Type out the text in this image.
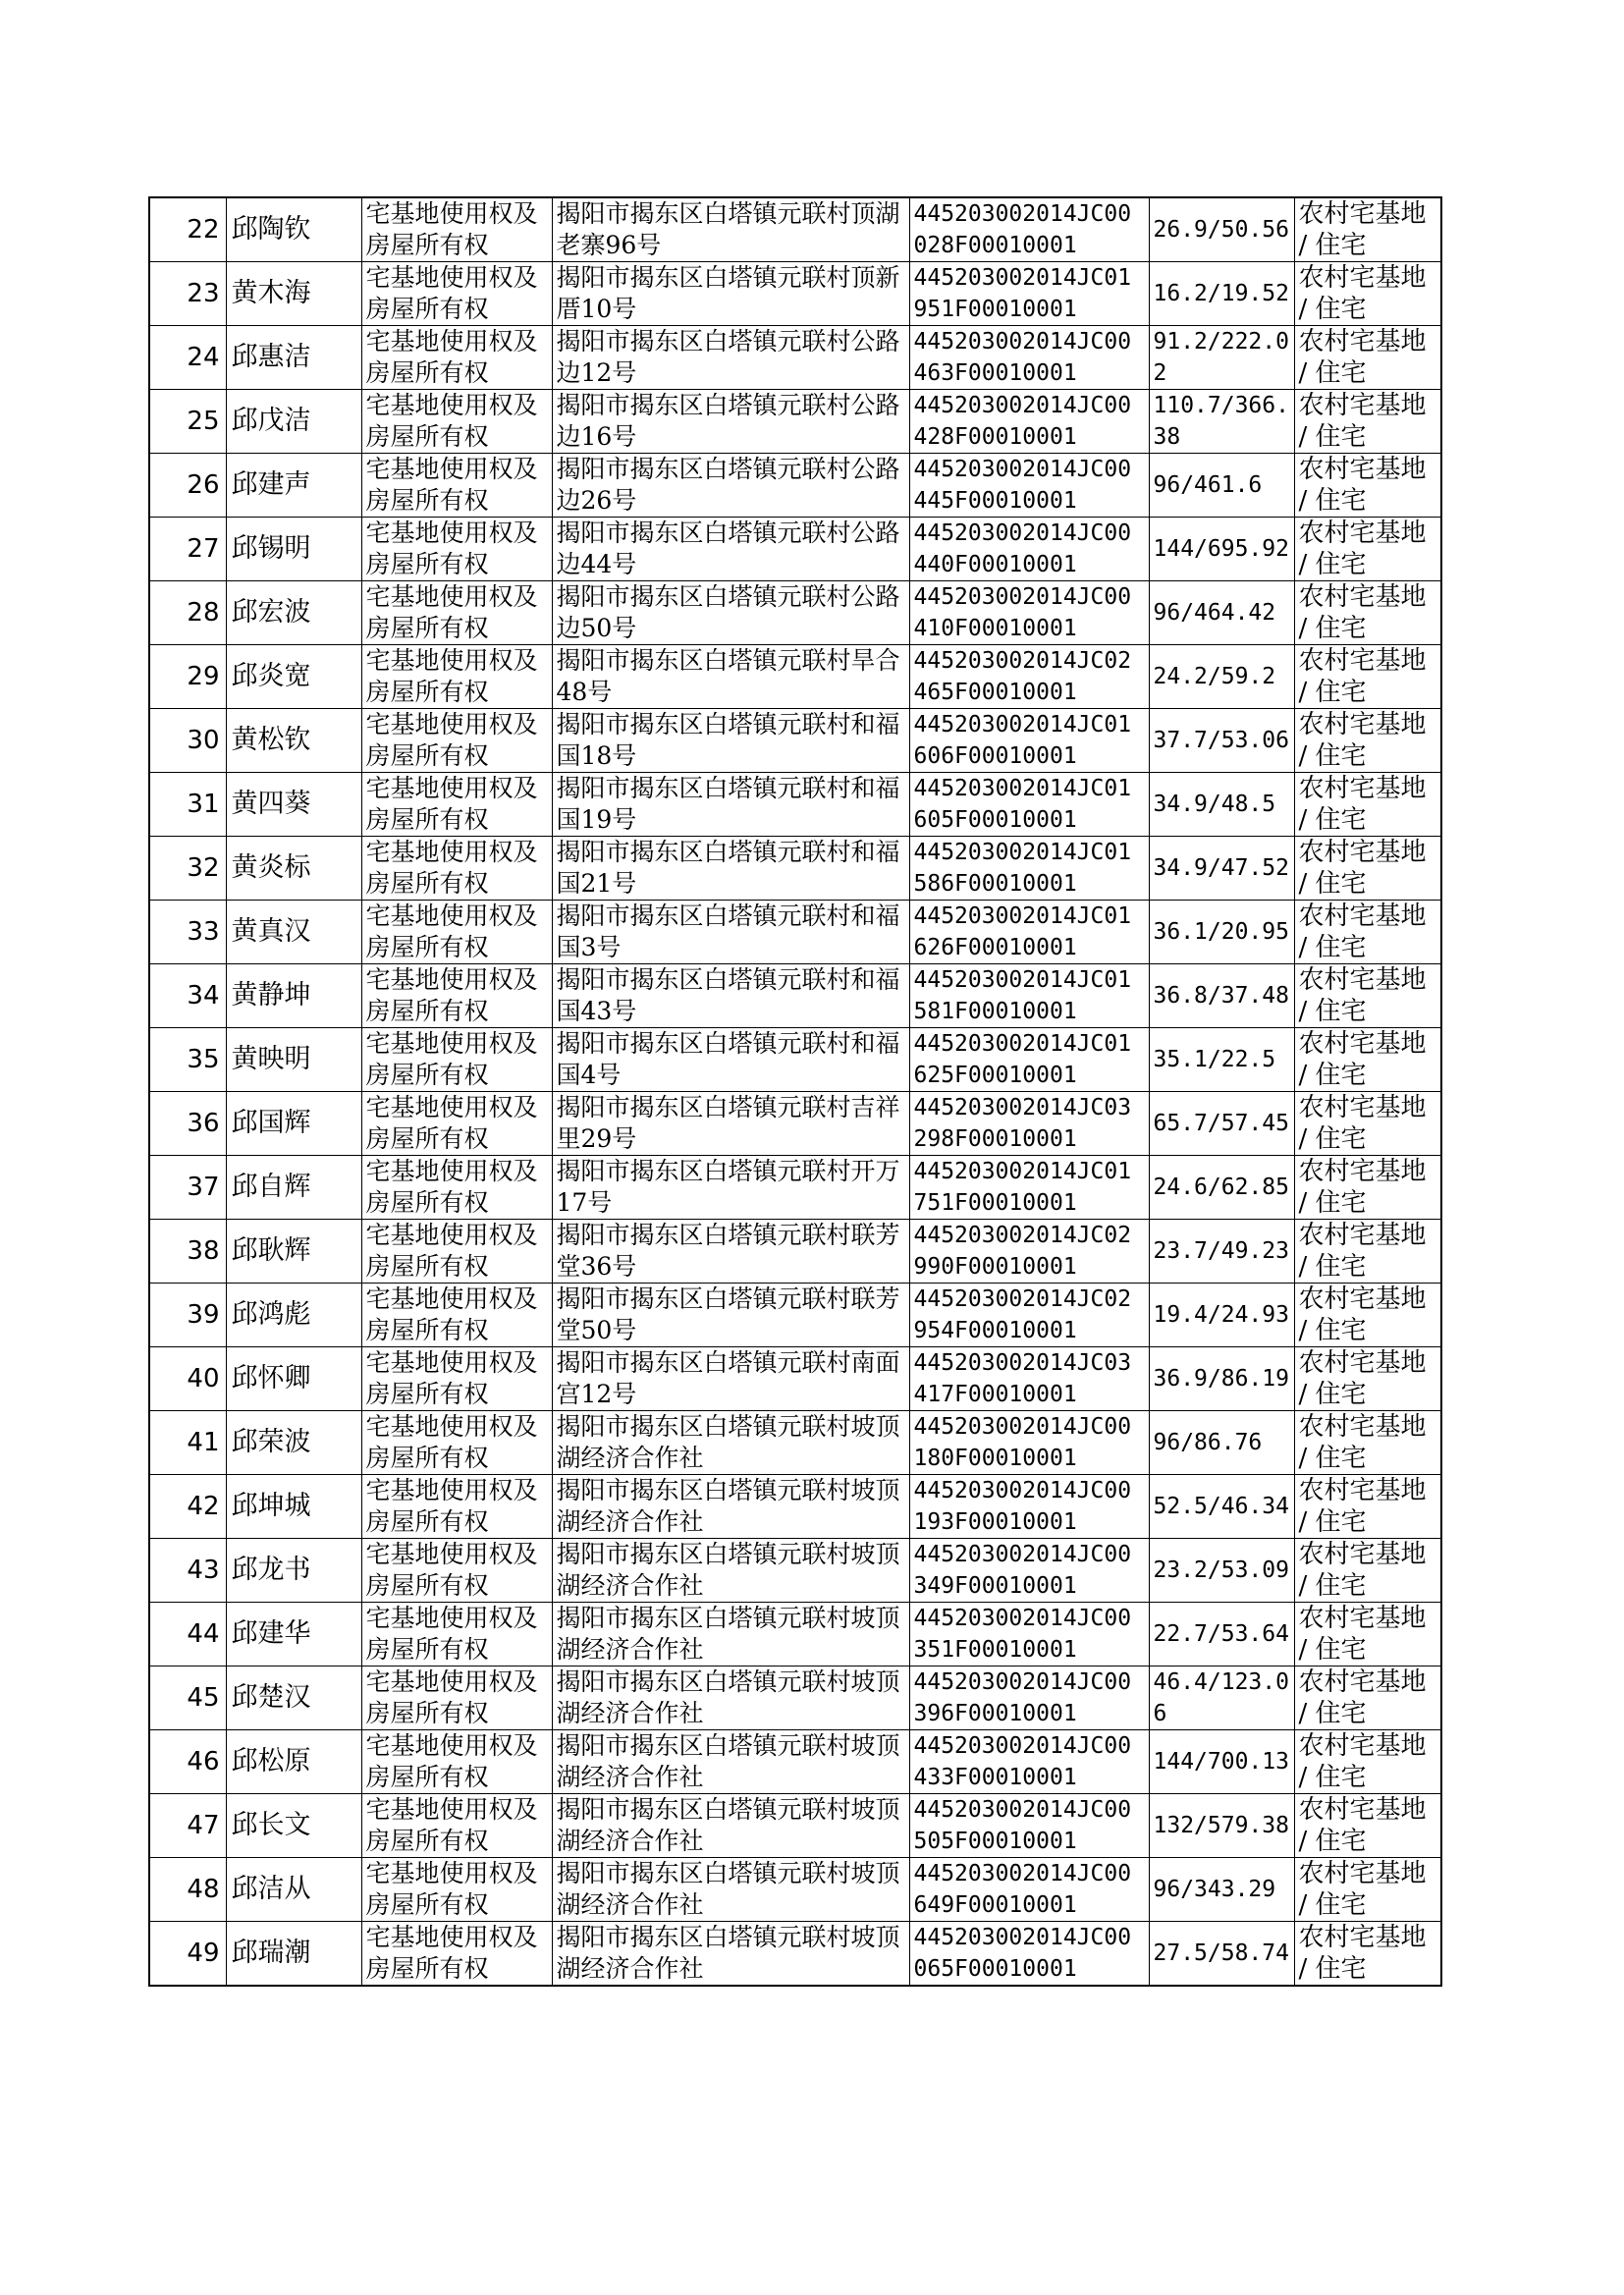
22	邱陶钦	宅基地使用权及房屋所有权	揭阳市揭东区白塔镇元联村顶湖老寨96号	445203002014JC00028F00010001	26.9/50.56	农村宅基地 / 住宅
23	黄木海	宅基地使用权及房屋所有权	揭阳市揭东区白塔镇元联村顶新厝10号	445203002014JC01951F00010001	16.2/19.52	农村宅基地 / 住宅
24	邱惠洁	宅基地使用权及房屋所有权	揭阳市揭东区白塔镇元联村公路边12号	445203002014JC00463F00010001	91.2/222.02	农村宅基地 / 住宅
25	邱戊洁	宅基地使用权及房屋所有权	揭阳市揭东区白塔镇元联村公路边16号	445203002014JC00428F00010001	110.7/366.38	农村宅基地 / 住宅
26	邱建声	宅基地使用权及房屋所有权	揭阳市揭东区白塔镇元联村公路边26号	445203002014JC00445F00010001	96/461.6	农村宅基地 / 住宅
27	邱锡明	宅基地使用权及房屋所有权	揭阳市揭东区白塔镇元联村公路边44号	445203002014JC00440F00010001	144/695.92	农村宅基地 / 住宅
28	邱宏波	宅基地使用权及房屋所有权	揭阳市揭东区白塔镇元联村公路边50号	445203002014JC00410F00010001	96/464.42	农村宅基地 / 住宅
29	邱炎宽	宅基地使用权及房屋所有权	揭阳市揭东区白塔镇元联村旱合48号	445203002014JC02465F00010001	24.2/59.2	农村宅基地 / 住宅
30	黄松钦	宅基地使用权及房屋所有权	揭阳市揭东区白塔镇元联村和福国18号	445203002014JC01606F00010001	37.7/53.06	农村宅基地 / 住宅
31	黄四葵	宅基地使用权及房屋所有权	揭阳市揭东区白塔镇元联村和福国19号	445203002014JC01605F00010001	34.9/48.5	农村宅基地 / 住宅
32	黄炎标	宅基地使用权及房屋所有权	揭阳市揭东区白塔镇元联村和福国21号	445203002014JC01586F00010001	34.9/47.52	农村宅基地 / 住宅
33	黄真汉	宅基地使用权及房屋所有权	揭阳市揭东区白塔镇元联村和福国3号	445203002014JC01626F00010001	36.1/20.95	农村宅基地 / 住宅
34	黄静坤	宅基地使用权及房屋所有权	揭阳市揭东区白塔镇元联村和福国43号	445203002014JC01581F00010001	36.8/37.48	农村宅基地 / 住宅
35	黄映明	宅基地使用权及房屋所有权	揭阳市揭东区白塔镇元联村和福国4号	445203002014JC01625F00010001	35.1/22.5	农村宅基地 / 住宅
36	邱国辉	宅基地使用权及房屋所有权	揭阳市揭东区白塔镇元联村吉祥里29号	445203002014JC03298F00010001	65.7/57.45	农村宅基地 / 住宅
37	邱自辉	宅基地使用权及房屋所有权	揭阳市揭东区白塔镇元联村开万17号	445203002014JC01751F00010001	24.6/62.85	农村宅基地 / 住宅
38	邱耿辉	宅基地使用权及房屋所有权	揭阳市揭东区白塔镇元联村联芳堂36号	445203002014JC02990F00010001	23.7/49.23	农村宅基地 / 住宅
39	邱鸿彪	宅基地使用权及房屋所有权	揭阳市揭东区白塔镇元联村联芳堂50号	445203002014JC02954F00010001	19.4/24.93	农村宅基地 / 住宅
40	邱怀卿	宅基地使用权及房屋所有权	揭阳市揭东区白塔镇元联村南面宫12号	445203002014JC03417F00010001	36.9/86.19	农村宅基地 / 住宅
41	邱荣波	宅基地使用权及房屋所有权	揭阳市揭东区白塔镇元联村坡顶湖经济合作社	445203002014JC00180F00010001	96/86.76	农村宅基地 / 住宅
42	邱坤城	宅基地使用权及房屋所有权	揭阳市揭东区白塔镇元联村坡顶湖经济合作社	445203002014JC00193F00010001	52.5/46.34	农村宅基地 / 住宅
43	邱龙书	宅基地使用权及房屋所有权	揭阳市揭东区白塔镇元联村坡顶湖经济合作社	445203002014JC00349F00010001	23.2/53.09	农村宅基地 / 住宅
44	邱建华	宅基地使用权及房屋所有权	揭阳市揭东区白塔镇元联村坡顶湖经济合作社	445203002014JC00351F00010001	22.7/53.64	农村宅基地 / 住宅
45	邱楚汉	宅基地使用权及房屋所有权	揭阳市揭东区白塔镇元联村坡顶湖经济合作社	445203002014JC00396F00010001	46.4/123.06	农村宅基地 / 住宅
46	邱松原	宅基地使用权及房屋所有权	揭阳市揭东区白塔镇元联村坡顶湖经济合作社	445203002014JC00433F00010001	144/700.13	农村宅基地 / 住宅
47	邱长文	宅基地使用权及房屋所有权	揭阳市揭东区白塔镇元联村坡顶湖经济合作社	445203002014JC00505F00010001	132/579.38	农村宅基地 / 住宅
48	邱洁从	宅基地使用权及房屋所有权	揭阳市揭东区白塔镇元联村坡顶湖经济合作社	445203002014JC00649F00010001	96/343.29	农村宅基地 / 住宅
49	邱瑞潮	宅基地使用权及房屋所有权	揭阳市揭东区白塔镇元联村坡顶湖经济合作社	445203002014JC00065F00010001	27.5/58.74	农村宅基地 / 住宅
